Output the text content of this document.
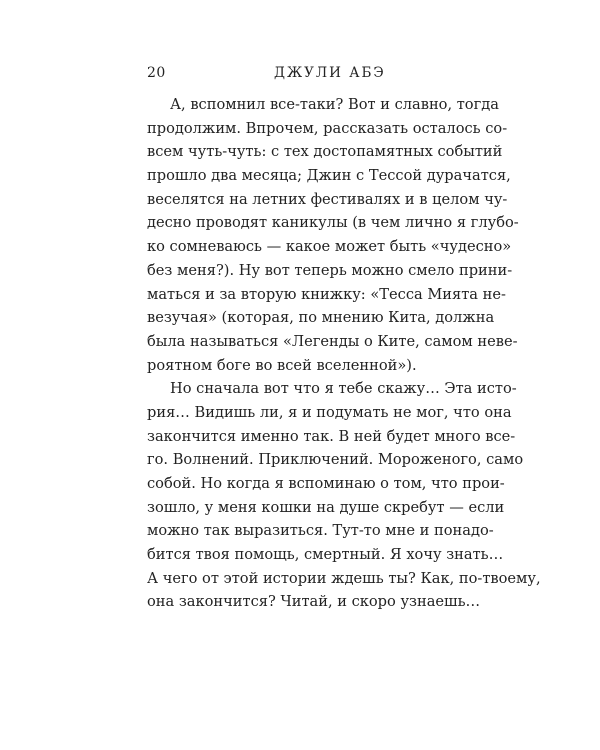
20	ДЖУЛИ АБЭ
А, вспомнил все-таки? Вот и славно, тогда
продолжим. Впрочем, рассказать осталось со-
всем чуть-чуть: с тех достопамятных событий
прошло два месяца; Джин с Тессой дурачатся,
веселятся на летних фестивалях и в целом чу-
десно проводят каникулы (в чем лично я глубо-
ко сомневаюсь — какое может быть «чудесно»
без меня?). Ну вот теперь можно смело прини-
маться и за вторую книжку: «Тесса Мията не-
везучая» (которая, по мнению Кита, должна
была называться «Легенды о Ките, самом неве-
роятном боге во всей вселенной»).
Но сначала вот что я тебе скажу… Эта исто-
рия… Видишь ли, я и подумать не мог, что она
закончится именно так. В ней будет много все-
го. Волнений. Приключений. Мороженого, само
собой. Но когда я вспоминаю о том, что прои-
зошло, у меня кошки на душе скребут — если
можно так выразиться. Тут-то мне и понадо-
бится твоя помощь, смертный. Я хочу знать…
А чего от этой истории ждешь ты? Как, по-твоему,
она закончится? Читай, и скоро узнаешь…
